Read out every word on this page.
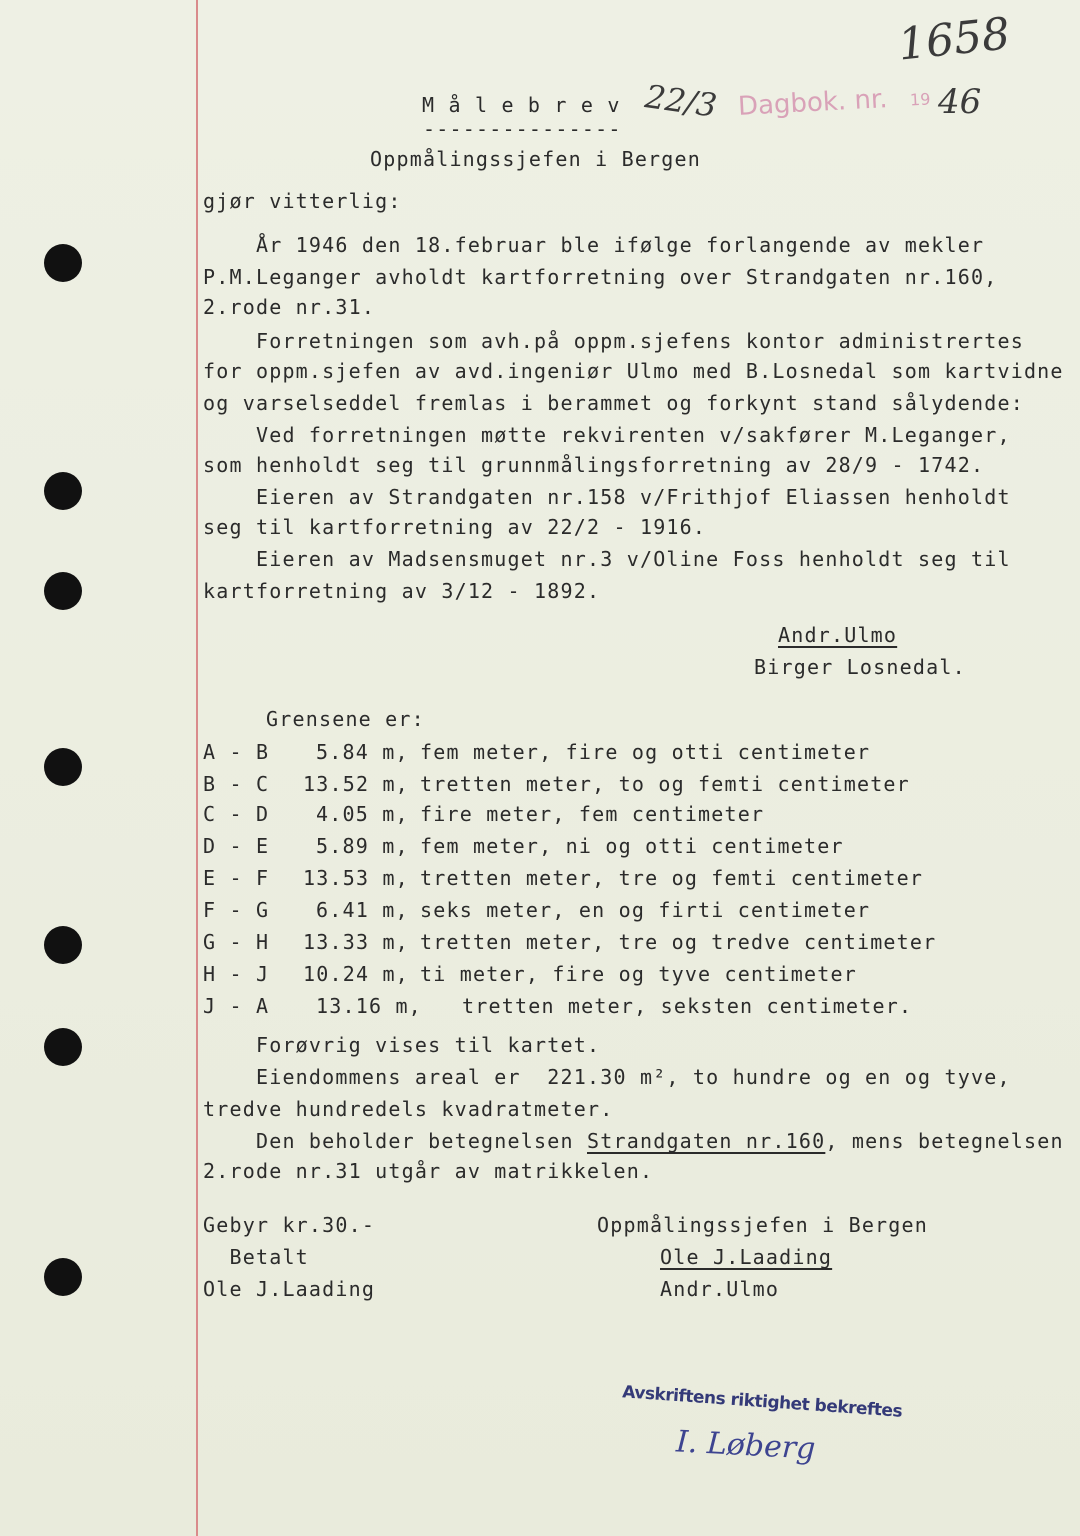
1658
22/3 Dagbok. nr. 19 46
M å l e b r e v
---------------
Oppmålingssjefen i Bergen
gjør vitterlig:
År 1946 den 18.februar ble ifølge forlangende av mekler
P.M.Leganger avholdt kartforretning over Strandgaten nr.160,
2.rode nr.31.
Forretningen som avh.på oppm.sjefens kontor administrertes
for oppm.sjefen av avd.ingeniør Ulmo med B.Losnedal som kartvidne
og varselseddel fremlas i berammet og forkynt stand sålydende:
Ved forretningen møtte rekvirenten v/sakfører M.Leganger,
som henholdt seg til grunnmålingsforretning av 28/9 - 1742.
Eieren av Strandgaten nr.158 v/Frithjof Eliassen henholdt
seg til kartforretning av 22/2 - 1916.
Eieren av Madsensmuget nr.3 v/Oline Foss henholdt seg til
kartforretning av 3/12 - 1892.
Andr.Ulmo
Birger Losnedal.
Grensene er:
A - B 5.84 m, fem meter, fire og otti centimeter
B - C 13.52 m, tretten meter, to og femti centimeter
C - D 4.05 m, fire meter, fem centimeter
D - E 5.89 m, fem meter, ni og otti centimeter
E - F 13.53 m, tretten meter, tre og femti centimeter
F - G 6.41 m, seks meter, en og firti centimeter
G - H 13.33 m, tretten meter, tre og tredve centimeter
H - J 10.24 m, ti meter, fire og tyve centimeter
J - A 13.16 m, tretten meter, seksten centimeter.
Forøvrig vises til kartet.
Eiendommens areal er  221.30 m², to hundre og en og tyve,
tredve hundredels kvadratmeter.
Den beholder betegnelsen Strandgaten nr.160, mens betegnelsen
2.rode nr.31 utgår av matrikkelen.
Gebyr kr.30.-
Betalt
Ole J.Laading
Oppmålingssjefen i Bergen
Ole J.Laading
Andr.Ulmo
Avskriftens riktighet bekreftes
I. Løberg
